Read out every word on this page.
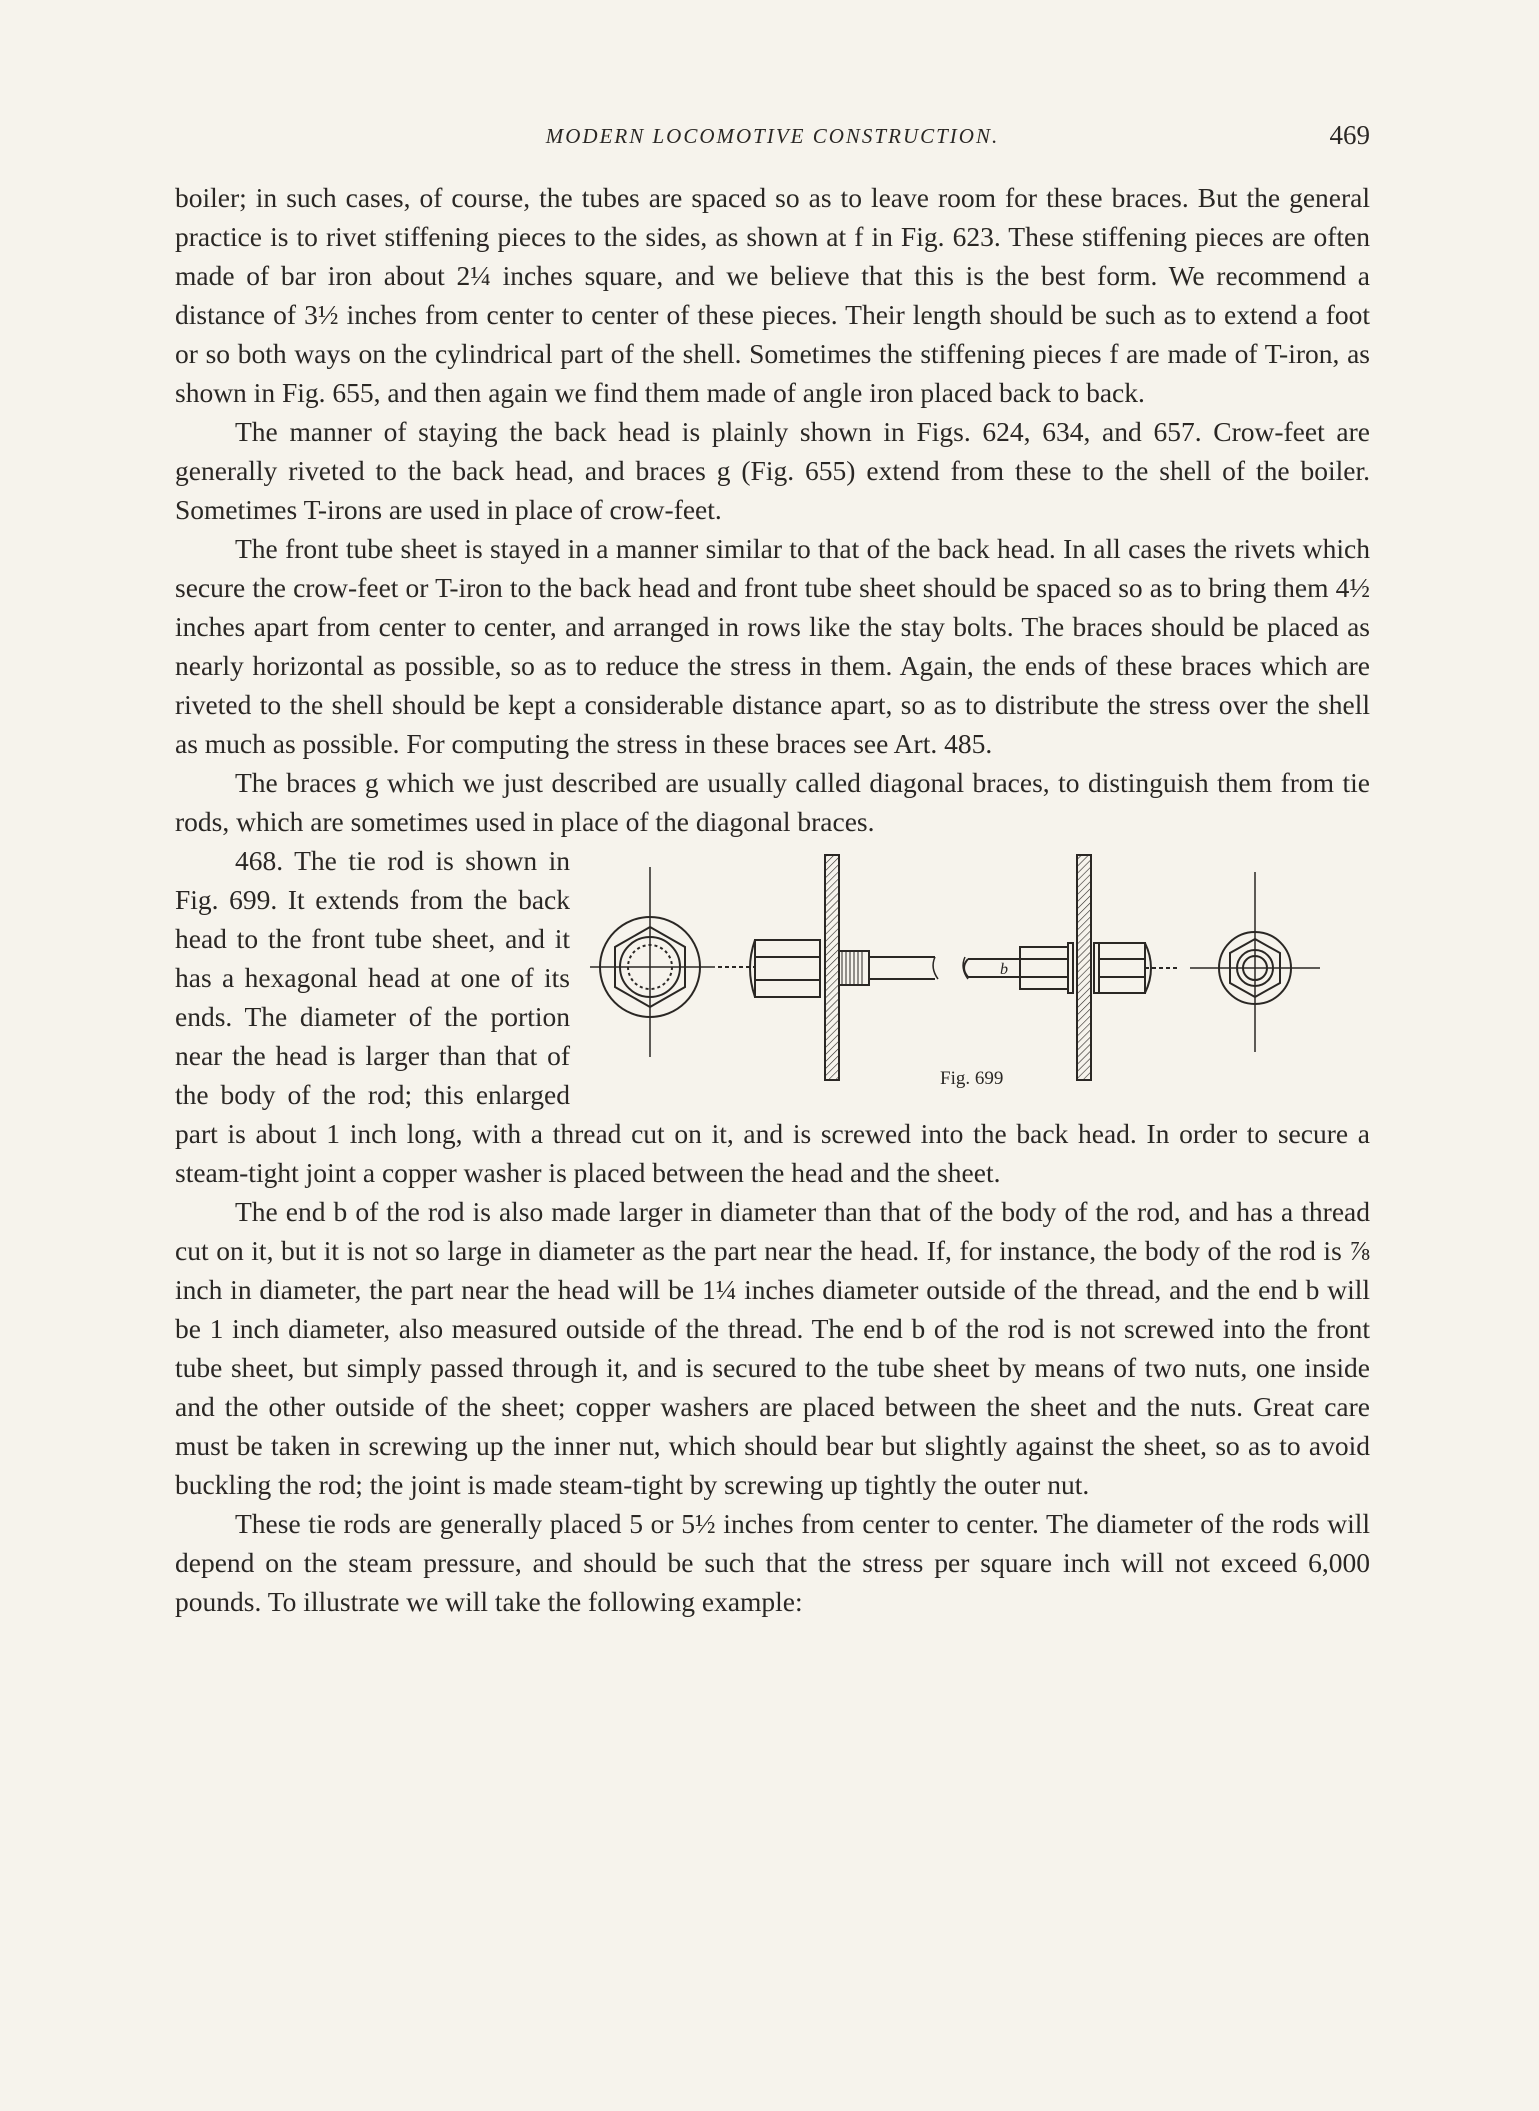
MODERN LOCOMOTIVE CONSTRUCTION.	469

boiler; in such cases, of course, the tubes are spaced so as to leave room for these braces. But the general practice is to rivet stiffening pieces to the sides, as shown at f in Fig. 623. These stiffening pieces are often made of bar iron about 2¼ inches square, and we believe that this is the best form. We recommend a distance of 3½ inches from center to center of these pieces. Their length should be such as to extend a foot or so both ways on the cylindrical part of the shell. Sometimes the stiffening pieces f are made of T-iron, as shown in Fig. 655, and then again we find them made of angle iron placed back to back.

The manner of staying the back head is plainly shown in Figs. 624, 634, and 657. Crow-feet are generally riveted to the back head, and braces g (Fig. 655) extend from these to the shell of the boiler. Sometimes T-irons are used in place of crow-feet.

The front tube sheet is stayed in a manner similar to that of the back head. In all cases the rivets which secure the crow-feet or T-iron to the back head and front tube sheet should be spaced so as to bring them 4½ inches apart from center to center, and arranged in rows like the stay bolts. The braces should be placed as nearly horizontal as possible, so as to reduce the stress in them. Again, the ends of these braces which are riveted to the shell should be kept a considerable distance apart, so as to distribute the stress over the shell as much as possible. For computing the stress in these braces see Art. 485.

The braces g which we just described are usually called diagonal braces, to distinguish them from tie rods, which are sometimes used in place of the diagonal braces.

b
Fig. 699

468. The tie rod is shown in Fig. 699. It extends from the back head to the front tube sheet, and it has a hexagonal head at one of its ends. The diameter of the portion near the head is larger than that of the body of the rod; this enlarged part is about 1 inch long, with a thread cut on it, and is screwed into the back head. In order to secure a steam-tight joint a copper washer is placed between the head and the sheet.

The end b of the rod is also made larger in diameter than that of the body of the rod, and has a thread cut on it, but it is not so large in diameter as the part near the head. If, for instance, the body of the rod is ⅞ inch in diameter, the part near the head will be 1¼ inches diameter outside of the thread, and the end b will be 1 inch diameter, also measured outside of the thread. The end b of the rod is not screwed into the front tube sheet, but simply passed through it, and is secured to the tube sheet by means of two nuts, one inside and the other outside of the sheet; copper washers are placed between the sheet and the nuts. Great care must be taken in screwing up the inner nut, which should bear but slightly against the sheet, so as to avoid buckling the rod; the joint is made steam-tight by screwing up tightly the outer nut.

These tie rods are generally placed 5 or 5½ inches from center to center. The diameter of the rods will depend on the steam pressure, and should be such that the stress per square inch will not exceed 6,000 pounds. To illustrate we will take the following example:
